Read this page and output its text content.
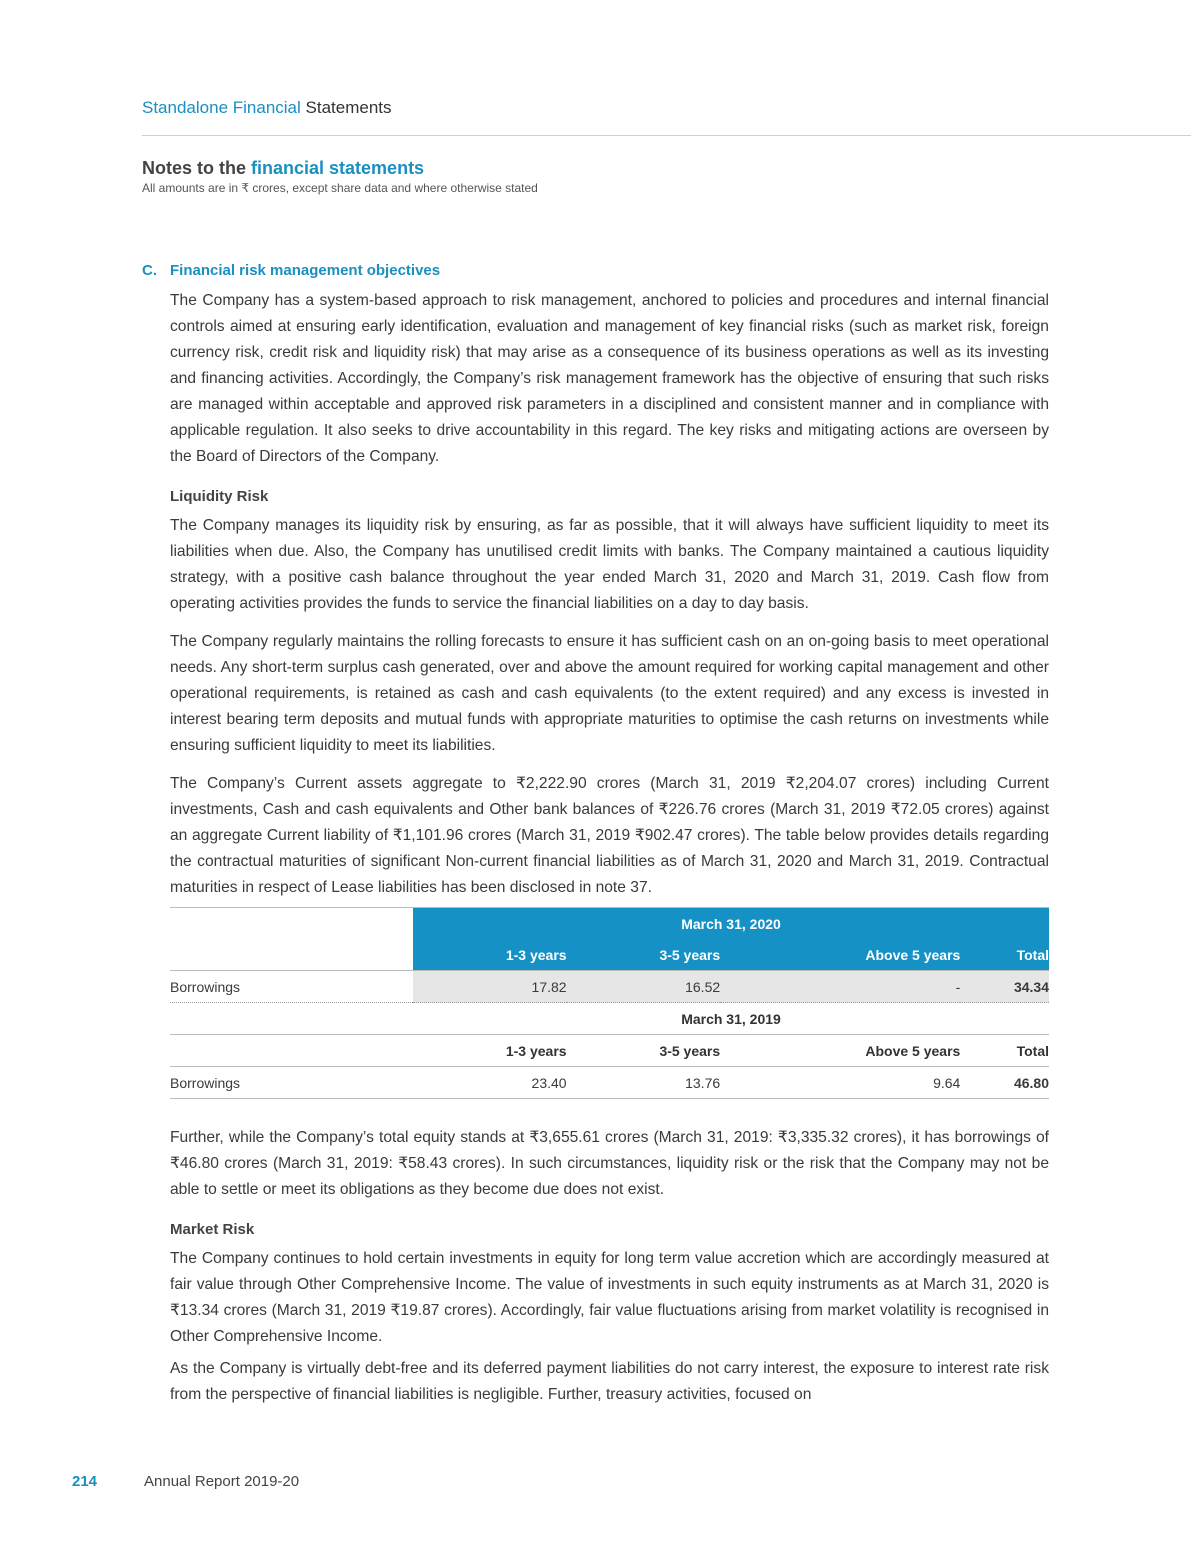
Standalone Financial Statements
Notes to the financial statements
All amounts are in ₹ crores, except share data and where otherwise stated
C. Financial risk management objectives

The Company has a system-based approach to risk management, anchored to policies and procedures and internal financial controls aimed at ensuring early identification, evaluation and management of key financial risks (such as market risk, foreign currency risk, credit risk and liquidity risk) that may arise as a consequence of its business operations as well as its investing and financing activities. Accordingly, the Company’s risk management framework has the objective of ensuring that such risks are managed within acceptable and approved risk parameters in a disciplined and consistent manner and in compliance with applicable regulation. It also seeks to drive accountability in this regard. The key risks and mitigating actions are overseen by the Board of Directors of the Company.

Liquidity Risk

The Company manages its liquidity risk by ensuring, as far as possible, that it will always have sufficient liquidity to meet its liabilities when due. Also, the Company has unutilised credit limits with banks. The Company maintained a cautious liquidity strategy, with a positive cash balance throughout the year ended March 31, 2020 and March 31, 2019. Cash flow from operating activities provides the funds to service the financial liabilities on a day to day basis.

The Company regularly maintains the rolling forecasts to ensure it has sufficient cash on an on-going basis to meet operational needs. Any short-term surplus cash generated, over and above the amount required for working capital management and other operational requirements, is retained as cash and cash equivalents (to the extent required) and any excess is invested in interest bearing term deposits and mutual funds with appropriate maturities to optimise the cash returns on investments while ensuring sufficient liquidity to meet its liabilities.

The Company’s Current assets aggregate to ₹2,222.90 crores (March 31, 2019 ₹2,204.07 crores) including Current investments, Cash and cash equivalents and Other bank balances of ₹226.76 crores (March 31, 2019 ₹72.05 crores) against an aggregate Current liability of ₹1,101.96 crores (March 31, 2019 ₹902.47 crores). The table below provides details regarding the contractual maturities of significant Non-current financial liabilities as of March 31, 2020 and March 31, 2019. Contractual maturities in respect of Lease liabilities has been disclosed in note 37.

	March 31, 2020			
	1-3 years	3-5 years	Above 5 years	Total
Borrowings	17.82	16.52	-	34.34
	March 31, 2019			
	1-3 years	3-5 years	Above 5 years	Total
Borrowings	23.40	13.76	9.64	46.80

Further, while the Company’s total equity stands at ₹3,655.61 crores (March 31, 2019: ₹3,335.32 crores), it has borrowings of ₹46.80 crores (March 31, 2019: ₹58.43 crores). In such circumstances, liquidity risk or the risk that the Company may not be able to settle or meet its obligations as they become due does not exist.

Market Risk

The Company continues to hold certain investments in equity for long term value accretion which are accordingly measured at fair value through Other Comprehensive Income. The value of investments in such equity instruments as at March 31, 2020 is ₹13.34 crores (March 31, 2019 ₹19.87 crores). Accordingly, fair value fluctuations arising from market volatility is recognised in Other Comprehensive Income.

As the Company is virtually debt-free and its deferred payment liabilities do not carry interest, the exposure to interest rate risk from the perspective of financial liabilities is negligible. Further, treasury activities, focused on

214	Annual Report 2019-20
